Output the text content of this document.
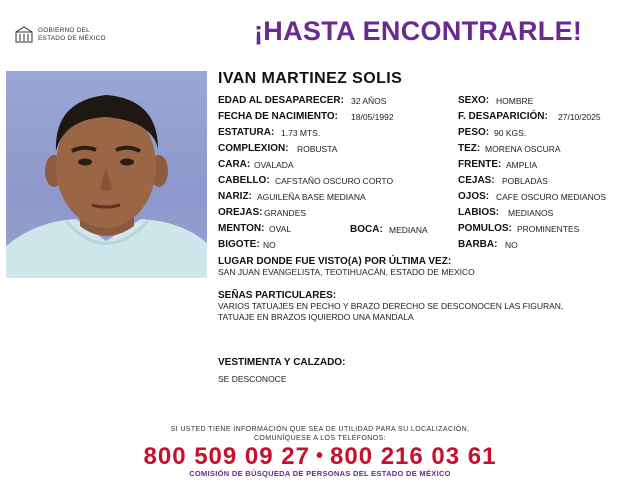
GOBIERNO DEL
ESTADO DE MÉXICO	¡HASTA ENCONTRARLE!
IVAN MARTINEZ SOLIS
EDAD AL DESAPARECER: 32 AÑOS
FECHA DE NACIMIENTO: 18/05/1992
ESTATURA: 1.73 MTS.
COMPLEXION: ROBUSTA
CARA: OVALADA
CABELLO: CAFSTAÑO OSCURO CORTO
NARIZ: AGUILEÑA BASE MEDIANA
OREJAS: GRANDES
MENTON: OVAL
BIGOTE: NO
BOCA: MEDIANA
SEXO: HOMBRE
F. DESAPARICIÓN: 27/10/2025
PESO: 90 KGS.
TEZ: MORENA OSCURA
FRENTE: AMPLIA
CEJAS: POBLADAS
OJOS: CAFE OSCURO MEDIANOS
LABIOS: MEDIANOS
POMULOS: PROMINENTES
BARBA: NO
LUGAR DONDE FUE VISTO(A) POR ÚLTIMA VEZ:
SAN JUAN EVANGELISTA, TEOTIHUACÁN, ESTADO DE MEXICO
SEÑAS PARTICULARES:
VARIOS TATUAJES EN PECHO Y BRAZO DERECHO SE DESCONOCEN LAS FIGURAN,
TATUAJE EN BRAZOS IQUIERDO UNA MANDALA
VESTIMENTA Y CALZADO:
SE DESCONOCE
SI USTED TIENE INFORMACIÓN QUE SEA DE UTILIDAD PARA SU LOCALIZACIÓN,
COMUNÍQUESE A LOS TELÉFONOS:
800 509 09 27 • 800 216 03 61
COMISIÓN DE BÚSQUEDA DE PERSONAS DEL ESTADO DE MÉXICO
